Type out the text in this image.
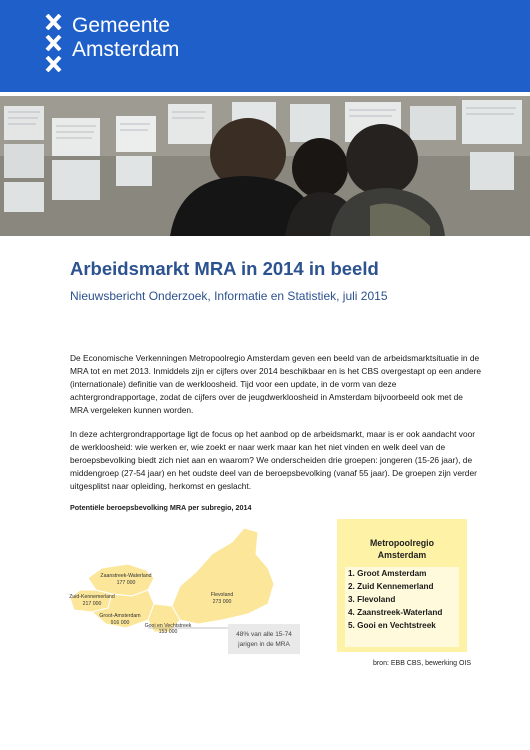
Gemeente
Amsterdam
Arbeidsmarkt MRA in 2014 in beeld
Nieuwsbericht Onderzoek, Informatie en Statistiek, juli 2015
De Economische Verkenningen Metropoolregio Amsterdam geven een beeld van de arbeidsmarktsituatie in de MRA tot en met 2013. Inmiddels zijn er cijfers over 2014 beschikbaar en is het CBS overgestapt op een andere (internationale) definitie van de werkloosheid. Tijd voor een update, in de vorm van deze achtergrondrapportage, zodat de cijfers over de jeugdwerkloosheid in Amsterdam bijvoorbeeld ook met de MRA vergeleken kunnen worden.
In deze achtergrondrapportage ligt de focus op het aanbod op de arbeidsmarkt, maar is er ook aandacht voor de werkloosheid: wie werken er, wie zoekt er naar werk maar kan het niet vinden en welk deel van de beroepsbevolking biedt zich niet aan en waarom? We onderscheiden drie groepen: jongeren (15-26 jaar), de middengroep (27-54 jaar) en het oudste deel van de beroepsbevolking (vanaf 55 jaar). De groepen zijn verder uitgesplitst naar opleiding, herkomst en geslacht.
Potentiële beroepsbevolking MRA per subregio, 2014
48% van alle 15-74
jarigen in de MRA
Zaanstreek-Waterland
177 000
Zuid-Kennemerland
217 000
Flevoland
273 000
Groot-Amsterdam
916 000	Gooi en Vechtstreek
153 000
Metropoolregio
Amsterdam
1. Groot Amsterdam
2. Zuid Kennemerland
3. Flevoland
4. Zaanstreek-Waterland
5. Gooi en Vechtstreek
bron: EBB CBS, bewerking OIS
